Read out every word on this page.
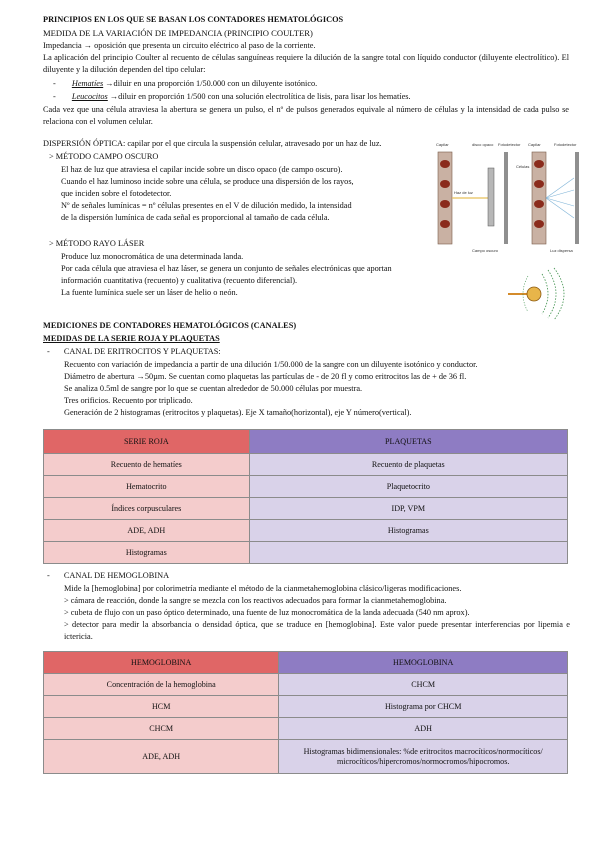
PRINCIPIOS EN LOS QUE SE BASAN LOS CONTADORES HEMATOLÓGICOS

MEDIDA DE LA VARIACIÓN DE IMPEDANCIA (PRINCIPIO COULTER)

Impedancia → oposición que presenta un circuito eléctrico al paso de la corriente.

La aplicación del principio Coulter al recuento de células sanguíneas requiere la dilución de la sangre total con líquido conductor (diluyente electrolítico). El diluyente y la dilución dependen del tipo celular:

- Hematíes →diluir en una proporción 1/50.000 con un diluyente isotónico.
- Leucocitos →diluir en proporción 1/500 con una solución electrolítica de lisis, para lisar los hematíes.

Cada vez que una célula atraviesa la abertura se genera un pulso, el nº de pulsos generados equivale al número de células y la intensidad de cada pulso se relaciona con el volumen celular.

DISPERSIÓN ÓPTICA: capilar por el que circula la suspensión celular, atravesado por un haz de luz.

> MÉTODO CAMPO OSCURO

El haz de luz que atraviesa el capilar incide sobre un disco opaco (de campo oscuro).

Cuando el haz luminoso incide sobre una célula, se produce una dispersión de los rayos,

que inciden sobre el fotodetector.

Nº de señales lumínicas = nº células presentes en el V de dilución medido, la intensidad

de la dispersión lumínica de cada señal es proporcional al tamaño de cada célula.

> MÉTODO RAYO LÁSER

Produce luz monocromática de una determinada landa.

Por cada célula que atraviesa el haz láser, se genera un conjunto de señales electrónicas que aportan

información cuantitativa (recuento) y cualitativa (recuento diferencial).

La fuente lumínica suele ser un láser de helio o neón.

Capilar	disco opaco Fotodetector
Haz de luz
Capilar
Células
Fotodetector
Campo oscuro	Luz dispersa

MEDICIONES DE CONTADORES HEMATOLÓGICOS (CANALES)

MEDIDAS DE LA SERIE ROJA Y PLAQUETAS

- CANAL DE ERITROCITOS Y PLAQUETAS:

Recuento con variación de impedancia a partir de una dilución 1/50.000 de la sangre con un diluyente isotónico y conductor.

Diámetro de abertura →50µm. Se cuentan como plaquetas las partículas de - de 20 fl y como eritrocitos las de + de 36 fl.

Se analiza 0.5ml de sangre por lo que se cuentan alrededor de 50.000 células por muestra.

Tres orificios. Recuento por triplicado.

Generación de 2 histogramas (eritrocitos y plaquetas). Eje X tamaño(horizontal), eje Y número(vertical).

SERIE ROJA	PLAQUETAS
Recuento de hematíes	Recuento de plaquetas
Hematocrito	Plaquetocrito
Índices corpusculares	IDP, VPM
ADE, ADH	Histogramas
Histogramas	
- CANAL DE HEMOGLOBINA

Mide la [hemoglobina] por colorimetría mediante el método de la cianmetahemoglobina clásico/ligeras modificaciones.

> cámara de reacción, donde la sangre se mezcla con los reactivos adecuados para formar la cianmetahemoglobina.

> cubeta de flujo con un paso óptico determinado, una fuente de luz monocromática de la landa adecuada (540 nm aprox).

> detector para medir la absorbancia o densidad óptica, que se traduce en [hemoglobina]. Este valor puede presentar interferencias por lipemia e ictericia.

HEMOGLOBINA	HEMOGLOBINA
Concentración de la hemoglobina	CHCM
HCM	Histograma por CHCM
CHCM	ADH
ADE, ADH	Histogramas bidimensionales: %de eritrocitos macrocíticos/normocíticos/ microcíticos/hipercromos/normocromos/hipocromos.
